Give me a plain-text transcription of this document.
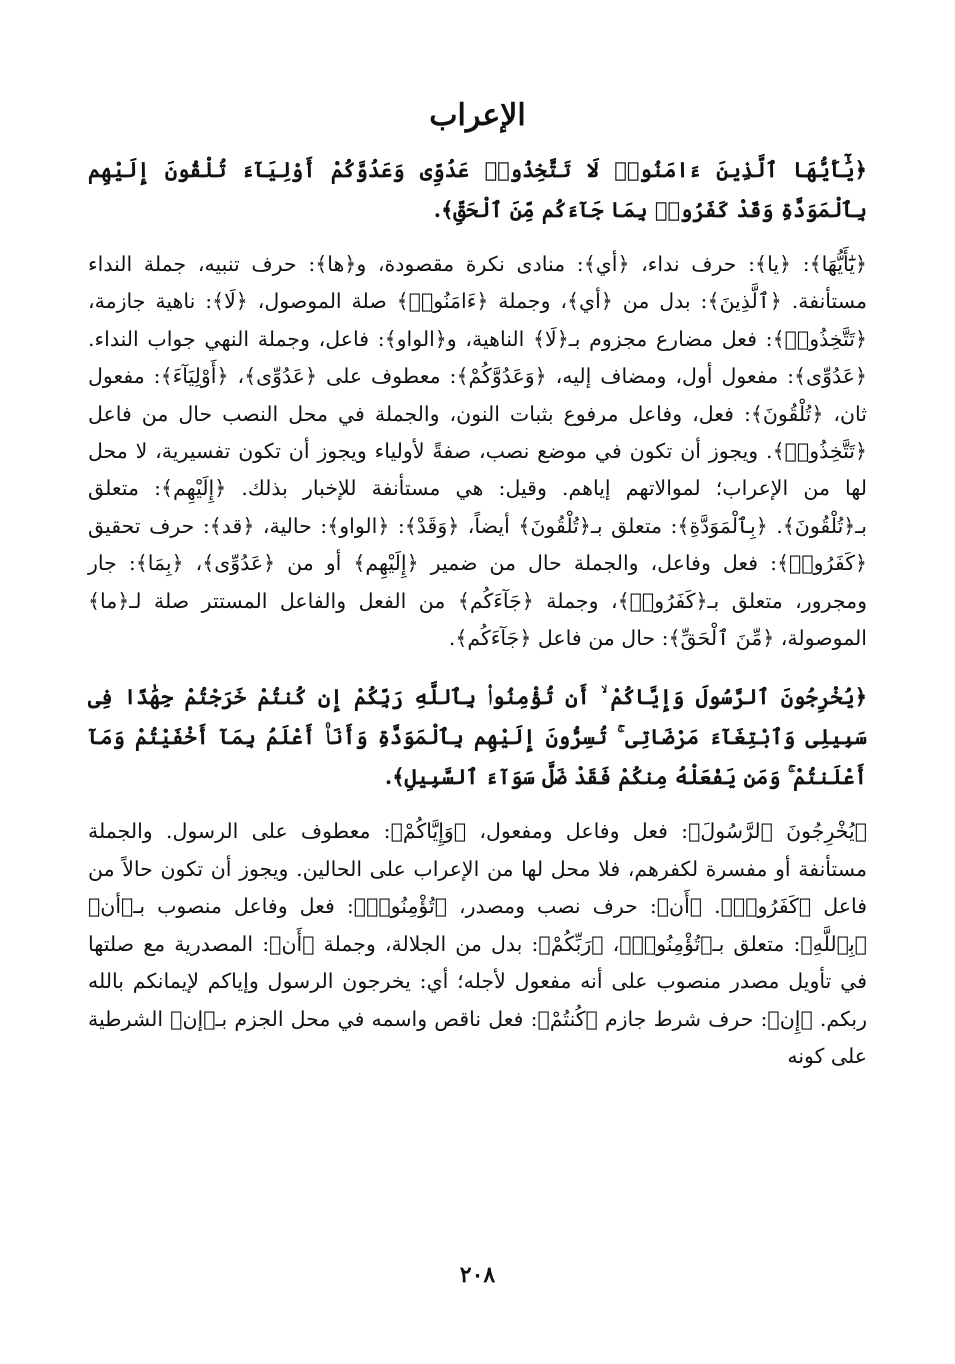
الإعراب

﴿يَٰٓأَيُّهَا ٱلَّذِينَ ءَامَنُوا۟ لَا تَتَّخِذُوا۟ عَدُوِّى وَعَدُوَّكُمْ أَوْلِيَآءَ تُلْقُونَ إِلَيْهِم بِٱلْمَوَدَّةِ وَقَدْ كَفَرُوا۟ بِمَا جَآءَكُم مِّنَ ٱلْحَقِّ﴾.

﴿يَٰٓأَيُّهَا﴾: ﴿يا﴾: حرف نداء، ﴿أي﴾: منادى نكرة مقصودة، و﴿ها﴾: حرف تنبيه، جملة النداء مستأنفة. ﴿ٱلَّذِينَ﴾: بدل من ﴿أي﴾، وجملة ﴿ءَامَنُوا۟﴾ صلة الموصول، ﴿لَا﴾: ناهية جازمة، ﴿تَتَّخِذُوا۟﴾: فعل مضارع مجزوم بـ﴿لَا﴾ الناهية، و﴿الواو﴾: فاعل، وجملة النهي جواب النداء. ﴿عَدُوِّى﴾: مفعول أول، ومضاف إليه، ﴿وَعَدُوَّكُمْ﴾: معطوف على ﴿عَدُوِّى﴾، ﴿أَوْلِيَآءَ﴾: مفعول ثان، ﴿تُلْقُونَ﴾: فعل، وفاعل مرفوع بثبات النون، والجملة في محل النصب حال من فاعل ﴿تَتَّخِذُوا۟﴾. ويجوز أن تكون في موضع نصب، صفةً لأولياء ويجوز أن تكون تفسيرية، لا محل لها من الإعراب؛ لموالاتهم إياهم. وقيل: هي مستأنفة للإخبار بذلك. ﴿إِلَيْهِم﴾: متعلق بـ﴿تُلْقُونَ﴾. ﴿بِٱلْمَوَدَّةِ﴾: متعلق بـ﴿تُلْقُونَ﴾ أيضاً، ﴿وَقَدْ﴾: ﴿الواو﴾: حالية، ﴿قد﴾: حرف تحقيق ﴿كَفَرُوا۟﴾: فعل وفاعل، والجملة حال من ضمير ﴿إِلَيْهِم﴾ أو من ﴿عَدُوِّى﴾، ﴿بِمَا﴾: جار ومجرور، متعلق بـ﴿كَفَرُوا۟﴾، وجملة ﴿جَآءَكُم﴾ من الفعل والفاعل المستتر صلة لـ﴿ما﴾ الموصولة، ﴿مِّنَ ٱلْحَقِّ﴾: حال من فاعل ﴿جَآءَكُم﴾.

﴿يُخْرِجُونَ ٱلرَّسُولَ وَإِيَّاكُمْ ۙ أَن تُؤْمِنُوا۟ بِٱللَّهِ رَبِّكُمْ إِن كُنتُمْ خَرَجْتُمْ جِهَٰدًا فِى سَبِيلِى وَٱبْتِغَآءَ مَرْضَاتِى ۚ تُسِرُّونَ إِلَيْهِم بِٱلْمَوَدَّةِ وَأَنَا۠ أَعْلَمُ بِمَآ أَخْفَيْتُمْ وَمَآ أَعْلَنتُمْ ۚ وَمَن يَفْعَلْهُ مِنكُمْ فَقَدْ ضَلَّ سَوَآءَ ٱلسَّبِيلِ﴾.

﴿يُخْرِجُونَ ٱلرَّسُولَ﴾: فعل وفاعل ومفعول، ﴿وَإِيَّاكُمْ﴾: معطوف على الرسول. والجملة مستأنفة أو مفسرة لكفرهم، فلا محل لها من الإعراب على الحالين. ويجوز أن تكون حالاً من فاعل ﴿كَفَرُوا۟﴾. ﴿أَن﴾: حرف نصب ومصدر، ﴿تُؤْمِنُوا۟﴾: فعل وفاعل منصوب بـ﴿أن﴾ ﴿بِٱللَّهِ﴾: متعلق بـ﴿تُؤْمِنُوا۟﴾، ﴿رَبِّكُمْ﴾: بدل من الجلالة، وجملة ﴿أَن﴾: المصدرية مع صلتها في تأويل مصدر منصوب على أنه مفعول لأجله؛ أي: يخرجون الرسول وإياكم لإيمانكم بالله ربكم. ﴿إِن﴾: حرف شرط جازم ﴿كُنتُمْ﴾: فعل ناقص واسمه في محل الجزم بـ﴿إن﴾ الشرطية على كونه

٢٠٨
